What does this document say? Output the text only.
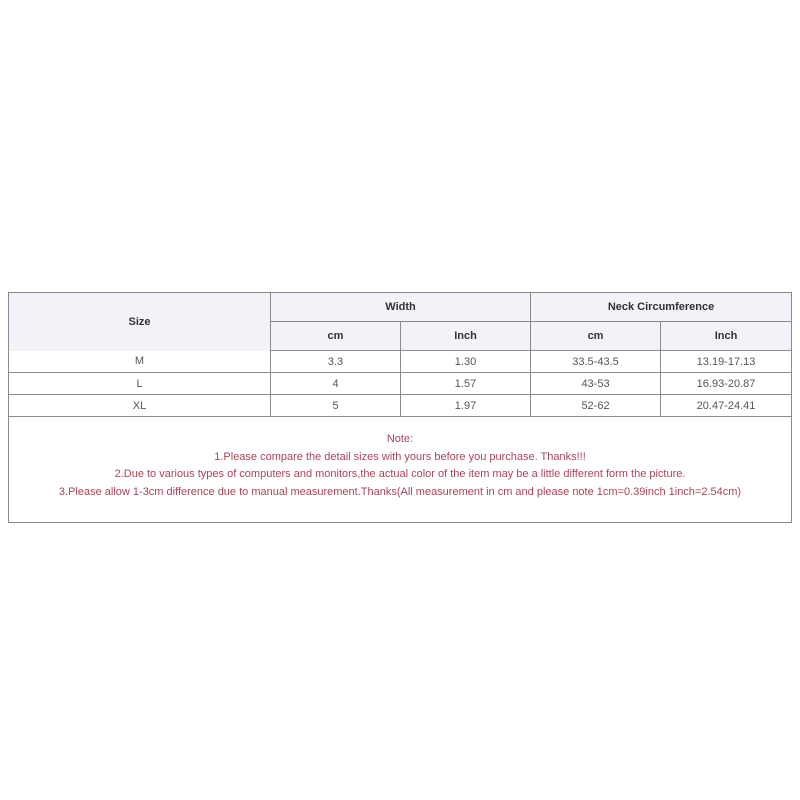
Size	Width		Neck Circumference	
	cm	Inch	cm	Inch
M	3.3	1.30	33.5-43.5	13.19-17.13
L	4	1.57	43-53	16.93-20.87
XL	5	1.97	52-62	20.47-24.41

Note:
1.Please compare the detail sizes with yours before you purchase. Thanks!!!
2.Due to various types of computers and monitors,the actual color of the item may be a little different form the picture.
3.Please allow 1-3cm difference due to manual measurement.Thanks(All measurement in cm and please note 1cm=0.39inch 1inch=2.54cm)				
